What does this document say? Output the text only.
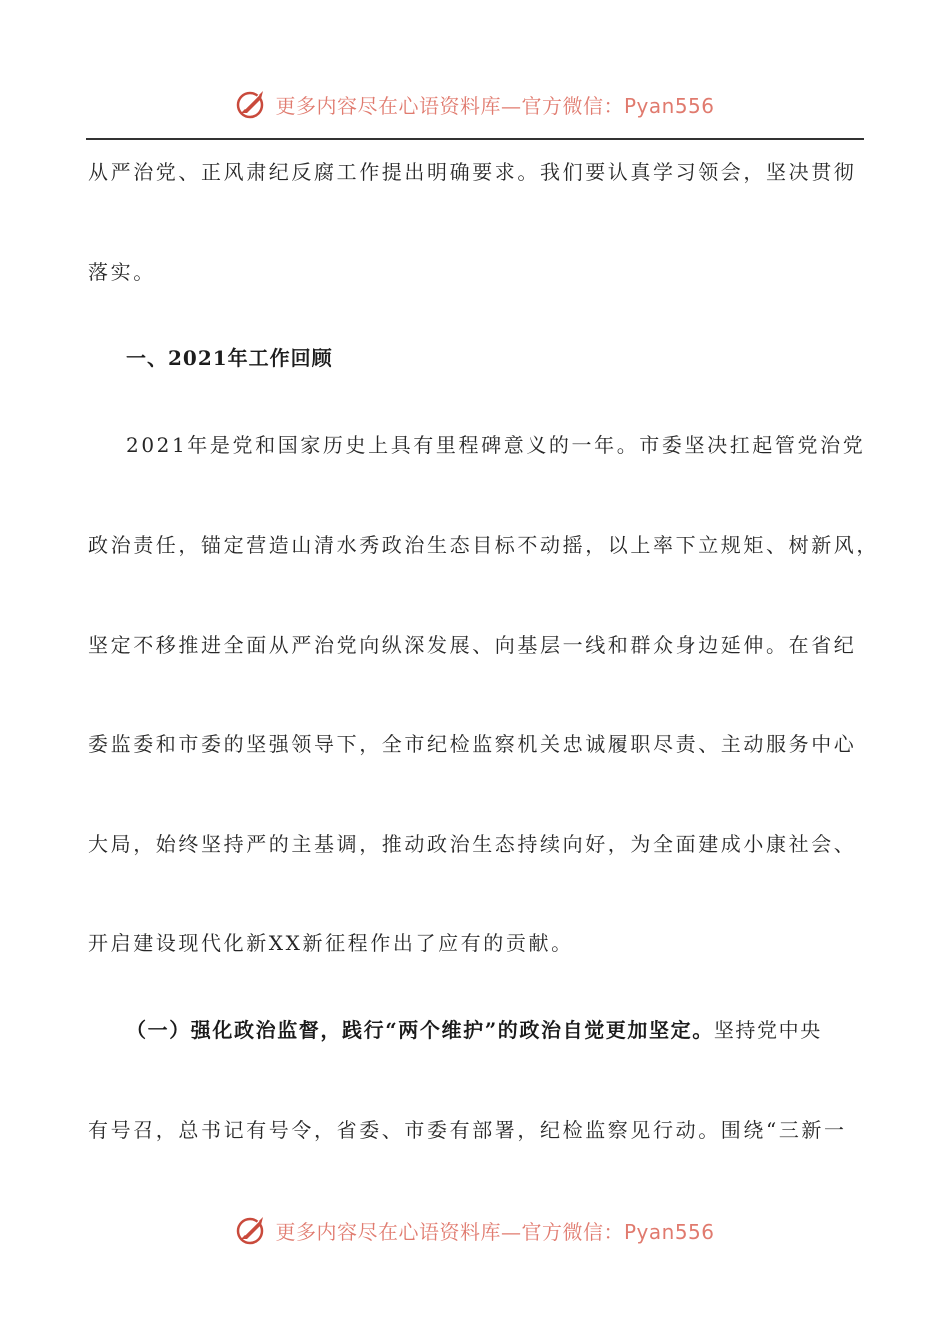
更多内容尽在心语资料库—官方微信：Pyan556
从严治党、正风肃纪反腐工作提出明确要求。我们要认真学习领会，坚决贯彻
落实。
一、2021年工作回顾
2021年是党和国家历史上具有里程碑意义的一年。市委坚决扛起管党治党
政治责任，锚定营造山清水秀政治生态目标不动摇，以上率下立规矩、树新风，
坚定不移推进全面从严治党向纵深发展、向基层一线和群众身边延伸。在省纪
委监委和市委的坚强领导下，全市纪检监察机关忠诚履职尽责、主动服务中心
大局，始终坚持严的主基调，推动政治生态持续向好，为全面建成小康社会、
开启建设现代化新XX新征程作出了应有的贡献。
（一）强化政治监督，践行“两个维护”的政治自觉更加坚定。坚持党中央
有号召，总书记有号令，省委、市委有部署，纪检监察见行动。围绕“三新一
更多内容尽在心语资料库—官方微信：Pyan556
